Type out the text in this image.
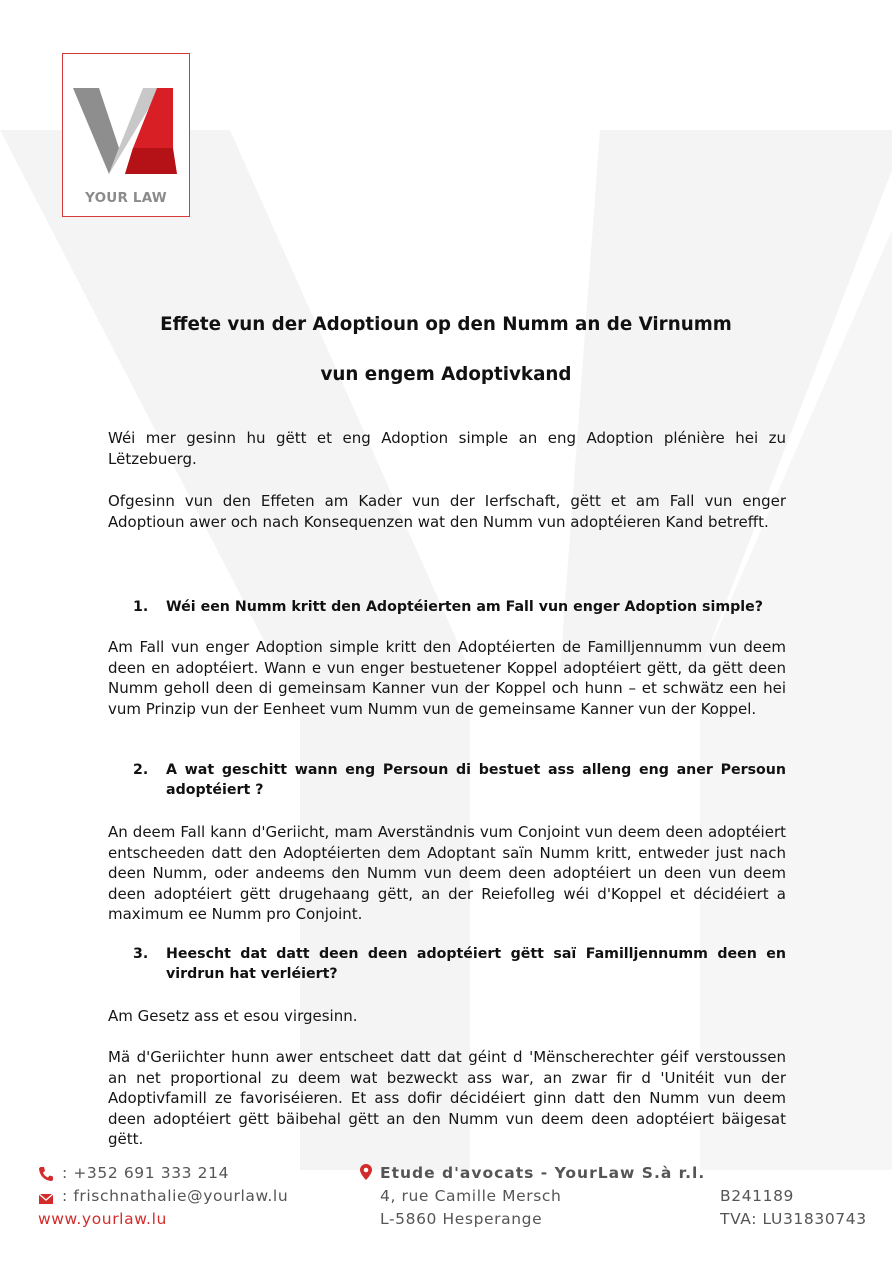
YOUR LAW
Effete vun der Adoptioun op den Numm an de Virnumm
vun engem Adoptivkand
Wéi mer gesinn hu gëtt et eng Adoption simple an eng Adoption plénière hei zu Lëtzebuerg.
Ofgesinn vun den Effeten am Kader vun der Ierfschaft, gëtt et am Fall vun enger Adoptioun awer och nach Konsequenzen wat den Numm vun adoptéieren Kand betrefft.
1.	Wéi een Numm kritt den Adoptéierten am Fall vun enger Adoption simple?
Am Fall vun enger Adoption simple kritt den Adoptéierten de Familljennumm vun deem deen en adoptéiert. Wann e vun enger bestuetener Koppel adoptéiert gëtt, da gëtt deen Numm geholl deen di gemeinsam Kanner vun der Koppel och hunn – et schwätz een hei vum Prinzip vun der Eenheet vum Numm vun de gemeinsame Kanner vun der Koppel.
2.	A wat geschitt wann eng Persoun di bestuet ass alleng eng aner Persoun adoptéiert ?
An deem Fall kann d'Geriicht, mam Averständnis vum Conjoint vun deem deen adoptéiert entscheeden datt den Adoptéierten dem Adoptant saïn Numm kritt, entweder just nach deen Numm, oder andeems den Numm vun deem deen adoptéiert un deen vun deem deen adoptéiert gëtt drugehaang gëtt, an der Reiefolleg wéi d'Koppel et décidéiert a maximum ee Numm pro Conjoint.
3.	Heescht dat datt deen deen adoptéiert gëtt saï Familljennumm deen en virdrun hat verléiert?
Am Gesetz ass et esou virgesinn.
Mä d'Geriichter hunn awer entscheet datt dat géint d 'Mënscherechter géif verstoussen an net proportional zu deem wat bezweckt ass war, an zwar fir d 'Unitéit vun der Adoptivfamill ze favoriséieren. Et ass dofir décidéiert ginn datt den Numm vun deem deen adoptéiert gëtt bäibehal gëtt an den Numm vun deem deen adoptéiert bäigesat gëtt.
: +352 691 333 214
: frischnathalie@yourlaw.lu
www.yourlaw.lu
Etude d'avocats - YourLaw S.à r.l.
4, rue Camille Mersch
L-5860 Hesperange
B241189
TVA: LU31830743
